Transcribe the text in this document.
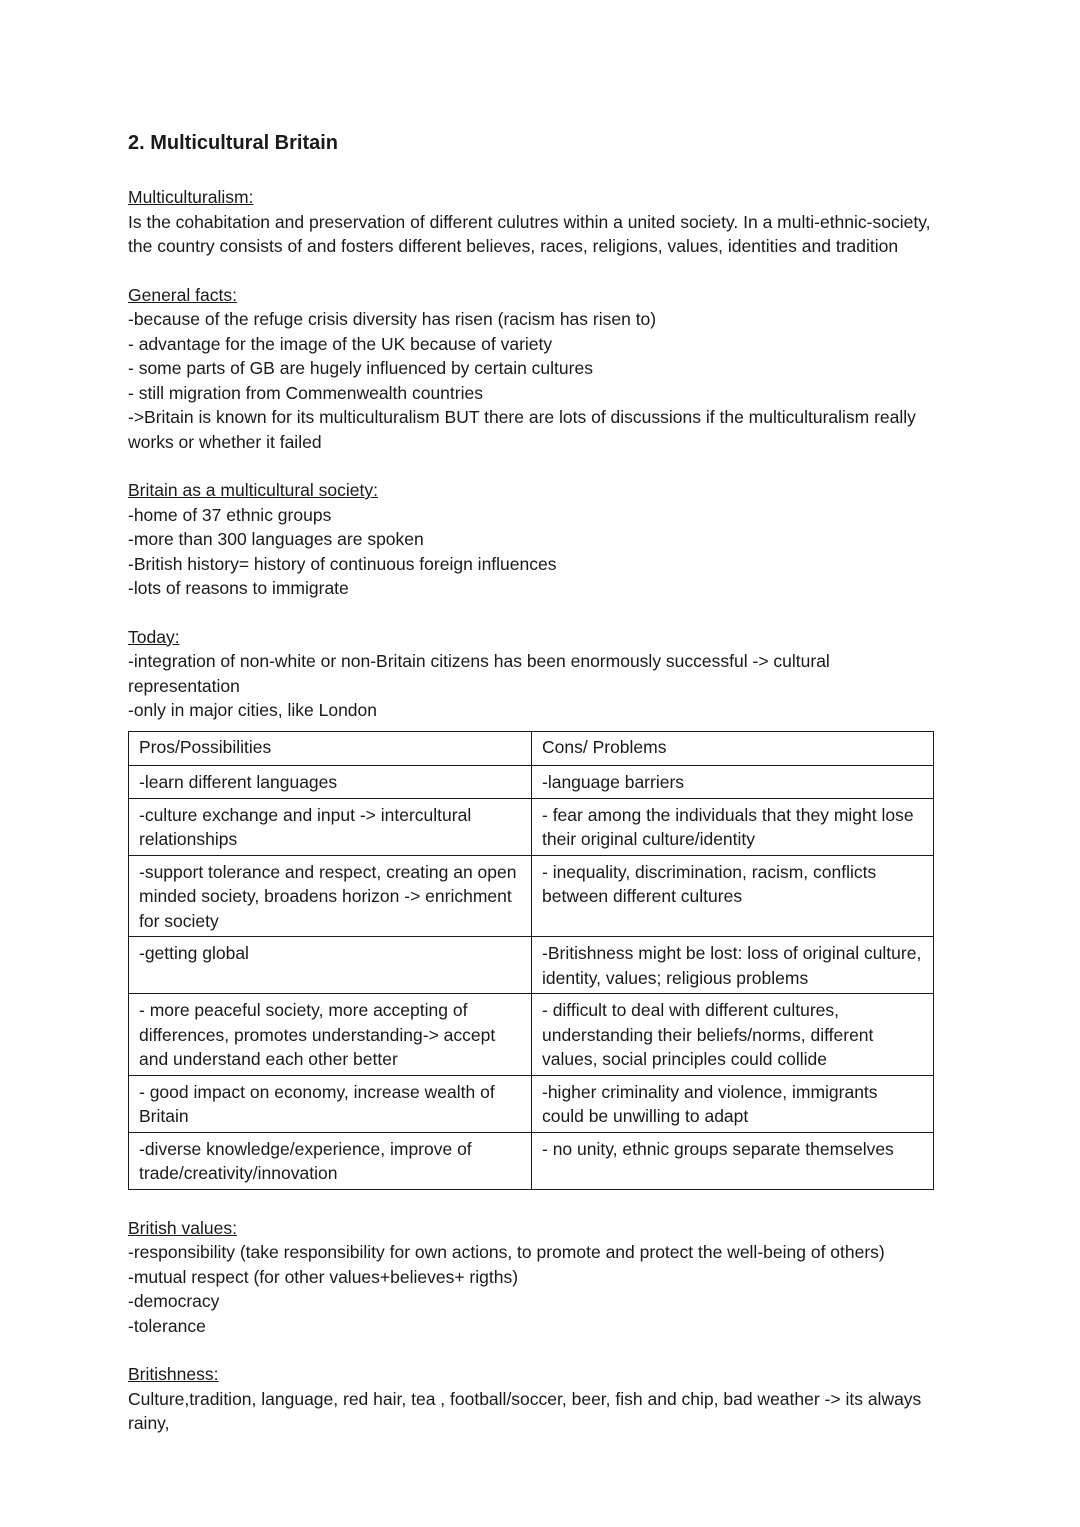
2. Multicultural Britain
Multiculturalism:
Is the cohabitation and preservation of different culutres within a united society. In a multi-ethnic-society, the country consists of and fosters different believes, races, religions, values, identities and tradition
General facts:
-because of the refuge crisis diversity has risen (racism has risen to)
- advantage for the image of the UK because of variety
- some parts of GB are hugely influenced by certain cultures
- still migration from Commenwealth countries
->Britain is known for its multiculturalism BUT there are lots of discussions if the multiculturalism really works or whether it failed
Britain as a multicultural society:
-home of 37 ethnic groups
-more than 300 languages are spoken
-British history= history of continuous foreign influences
-lots of reasons to immigrate
Today:
-integration of non-white or non-Britain citizens has been enormously successful -> cultural representation
-only in major cities, like London
Pros/Possibilities	Cons/ Problems
-learn different languages	-language barriers
-culture exchange and input -> intercultural relationships	- fear among the individuals that they might lose their original culture/identity
-support tolerance and respect, creating an open minded society, broadens horizon -> enrichment for society	- inequality, discrimination, racism, conflicts between different cultures
-getting global	-Britishness might be lost: loss of original culture, identity, values; religious problems
- more peaceful society, more accepting of differences, promotes understanding-> accept and understand each other better	- difficult to deal with different cultures, understanding their beliefs/norms, different values, social principles could collide
- good impact on economy, increase wealth of Britain	-higher criminality and violence, immigrants could be unwilling to adapt
-diverse knowledge/experience, improve of trade/creativity/innovation	- no unity, ethnic groups separate themselves
British values:
-responsibility (take responsibility for own actions, to promote and protect the well-being of others)
-mutual respect (for other values+believes+ rigths)
-democracy
-tolerance
Britishness:
Culture,tradition, language, red hair, tea , football/soccer, beer, fish and chip, bad weather -> its always rainy,
